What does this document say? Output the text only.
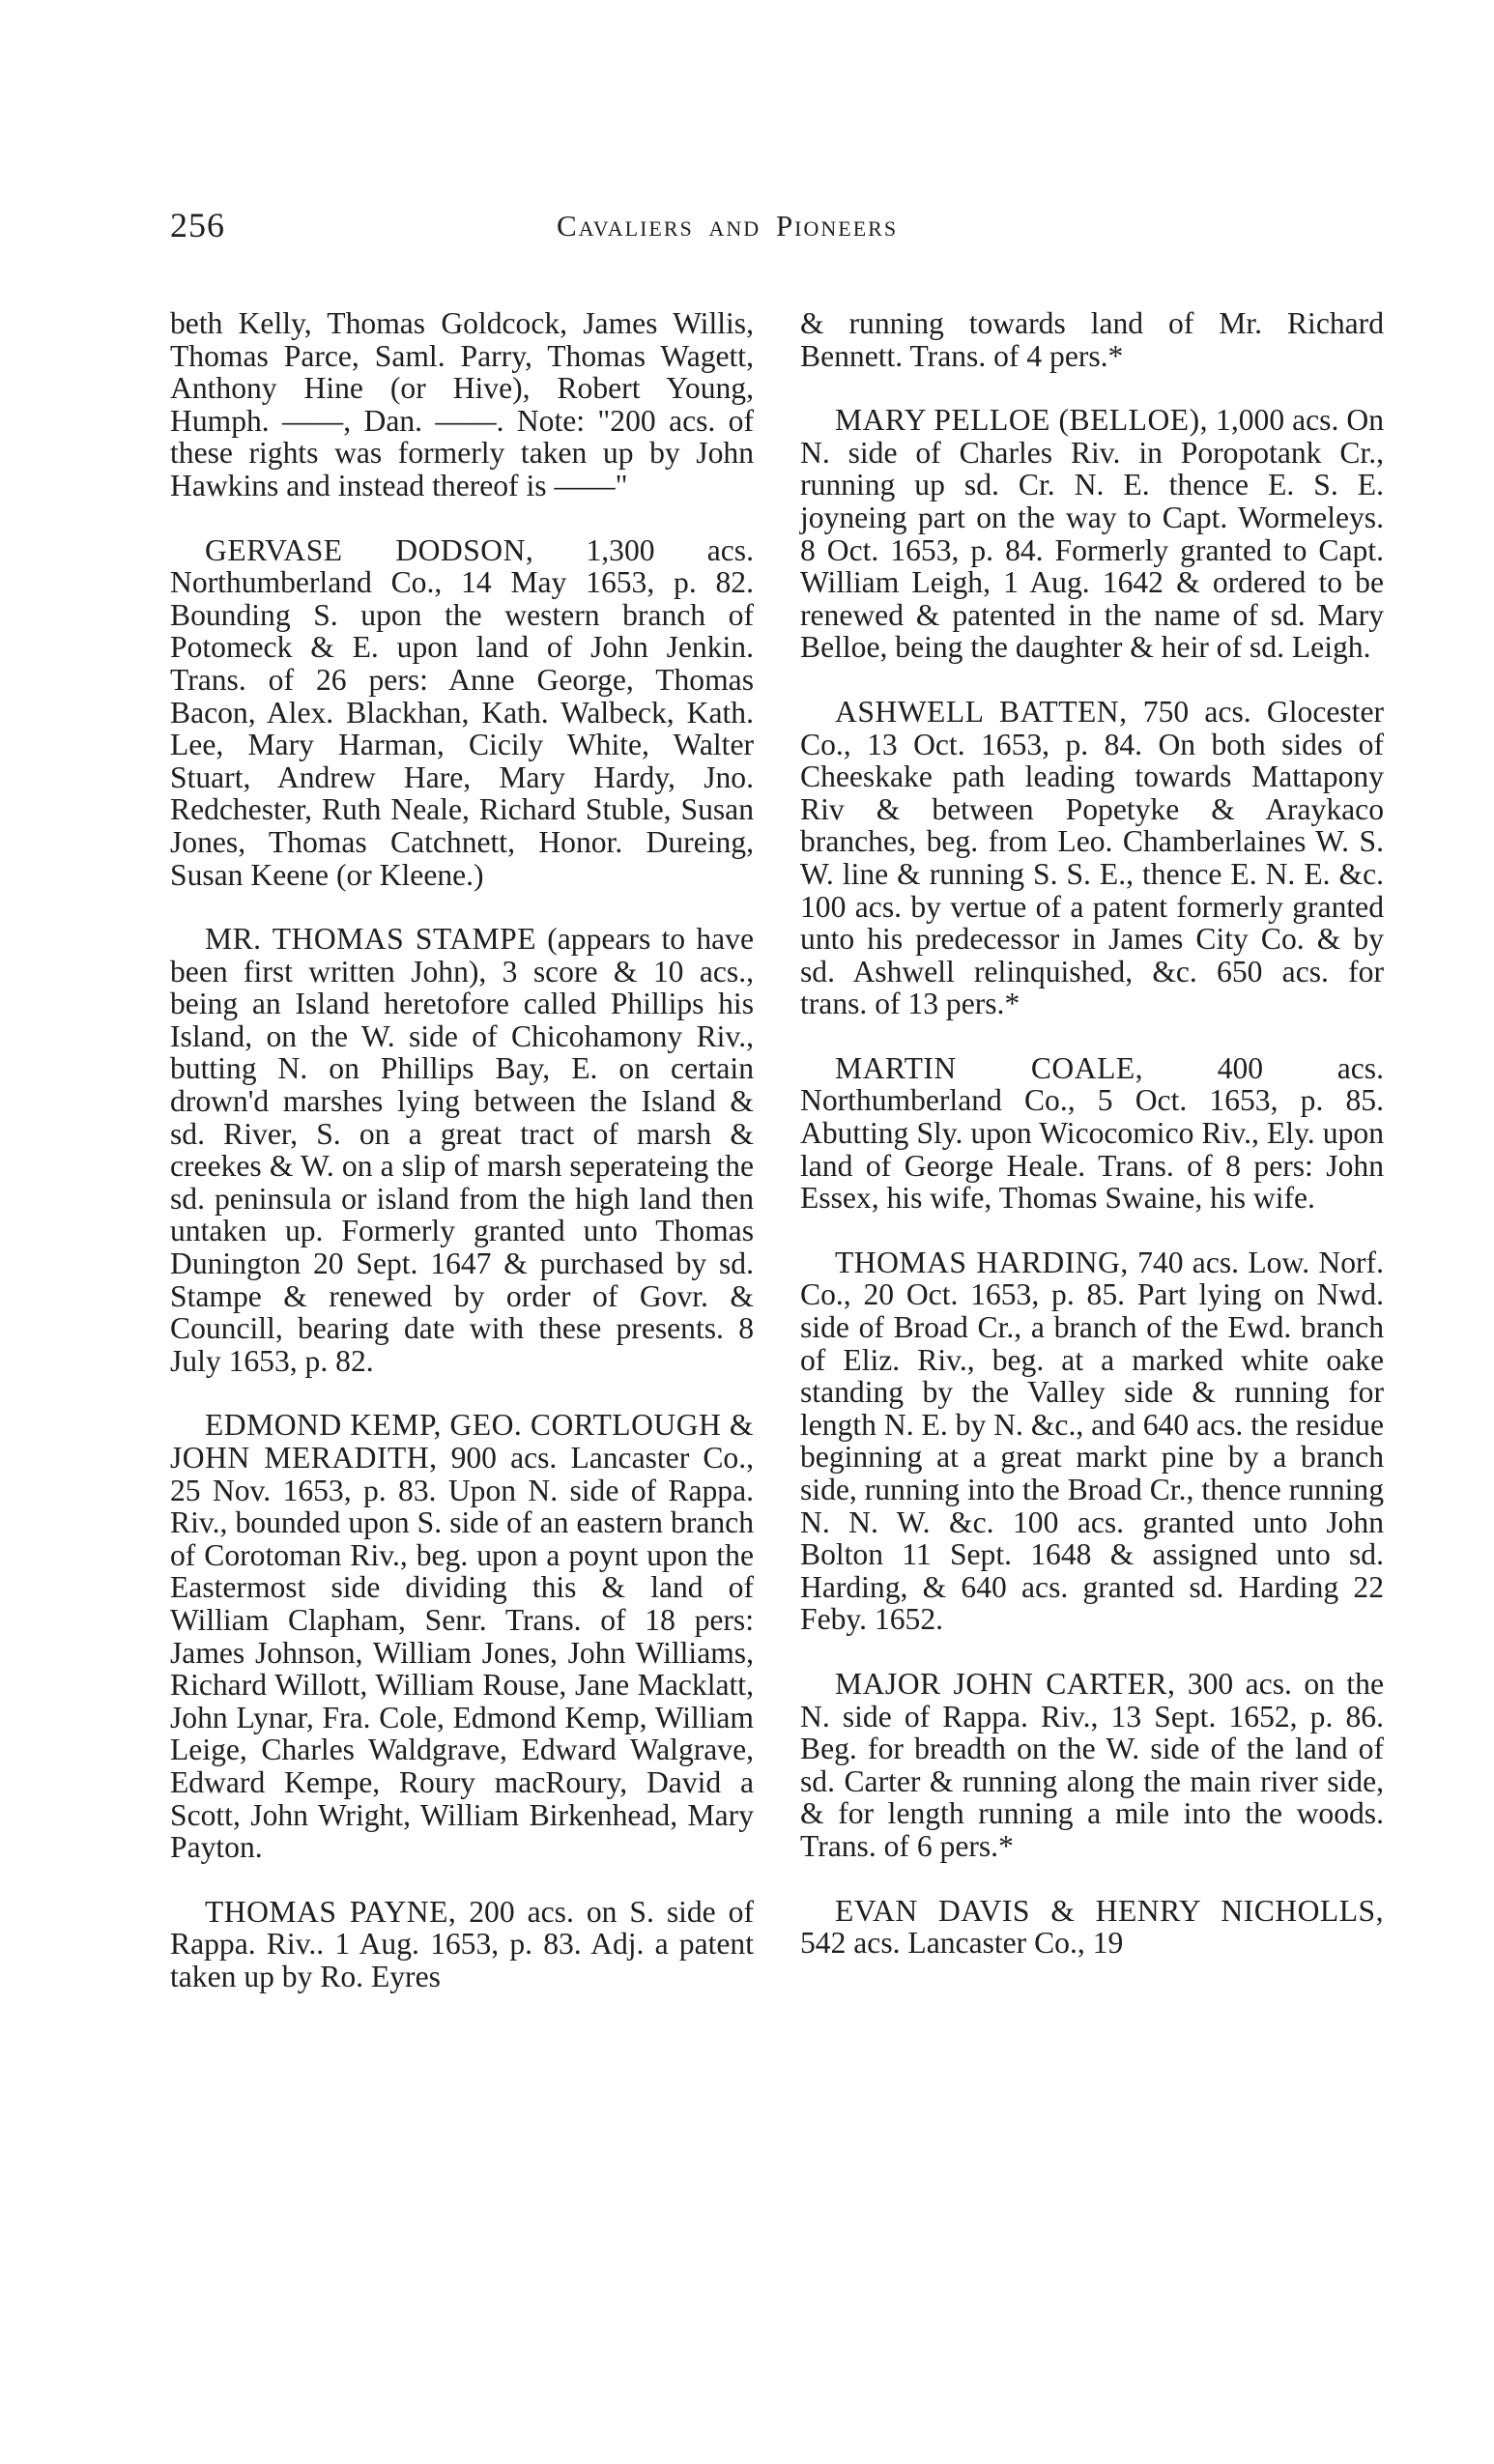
256	Cavaliers and Pioneers

beth Kelly, Thomas Goldcock, James Willis, Thomas Parce, Saml. Parry, Thomas Wagett, Anthony Hine (or Hive), Robert Young, Humph. ——, Dan. ——. Note: "200 acs. of these rights was formerly taken up by John Hawkins and instead thereof is ——"

GERVASE DODSON, 1,300 acs. Northumberland Co., 14 May 1653, p. 82. Bounding S. upon the western branch of Potomeck & E. upon land of John Jenkin. Trans. of 26 pers: Anne George, Thomas Bacon, Alex. Blackhan, Kath. Walbeck, Kath. Lee, Mary Harman, Cicily White, Walter Stuart, Andrew Hare, Mary Hardy, Jno. Redchester, Ruth Neale, Richard Stuble, Susan Jones, Thomas Catchnett, Honor. Dureing, Susan Keene (or Kleene.)

MR. THOMAS STAMPE (appears to have been first written John), 3 score & 10 acs., being an Island heretofore called Phillips his Island, on the W. side of Chicohamony Riv., butting N. on Phillips Bay, E. on certain drown'd marshes lying between the Island & sd. River, S. on a great tract of marsh & creekes & W. on a slip of marsh seperateing the sd. peninsula or island from the high land then untaken up. Formerly granted unto Thomas Dunington 20 Sept. 1647 & purchased by sd. Stampe & renewed by order of Govr. & Councill, bearing date with these presents. 8 July 1653, p. 82.

EDMOND KEMP, GEO. CORTLOUGH & JOHN MERADITH, 900 acs. Lancaster Co., 25 Nov. 1653, p. 83. Upon N. side of Rappa. Riv., bounded upon S. side of an eastern branch of Corotoman Riv., beg. upon a poynt upon the Eastermost side dividing this & land of William Clapham, Senr. Trans. of 18 pers: James Johnson, William Jones, John Williams, Richard Willott, William Rouse, Jane Macklatt, John Lynar, Fra. Cole, Edmond Kemp, William Leige, Charles Waldgrave, Edward Walgrave, Edward Kempe, Roury macRoury, David a Scott, John Wright, William Birkenhead, Mary Payton.

THOMAS PAYNE, 200 acs. on S. side of Rappa. Riv.. 1 Aug. 1653, p. 83. Adj. a patent taken up by Ro. Eyres

& running towards land of Mr. Richard Bennett. Trans. of 4 pers.*

MARY PELLOE (BELLOE), 1,000 acs. On N. side of Charles Riv. in Poropotank Cr., running up sd. Cr. N. E. thence E. S. E. joyneing part on the way to Capt. Wormeleys. 8 Oct. 1653, p. 84. Formerly granted to Capt. William Leigh, 1 Aug. 1642 & ordered to be renewed & patented in the name of sd. Mary Belloe, being the daughter & heir of sd. Leigh.

ASHWELL BATTEN, 750 acs. Glocester Co., 13 Oct. 1653, p. 84. On both sides of Cheeskake path leading towards Mattapony Riv & between Popetyke & Araykaco branches, beg. from Leo. Chamberlaines W. S. W. line & running S. S. E., thence E. N. E. &c. 100 acs. by vertue of a patent formerly granted unto his predecessor in James City Co. & by sd. Ashwell relinquished, &c. 650 acs. for trans. of 13 pers.*

MARTIN COALE, 400 acs. Northumberland Co., 5 Oct. 1653, p. 85. Abutting Sly. upon Wicocomico Riv., Ely. upon land of George Heale. Trans. of 8 pers: John Essex, his wife, Thomas Swaine, his wife.

THOMAS HARDING, 740 acs. Low. Norf. Co., 20 Oct. 1653, p. 85. Part lying on Nwd. side of Broad Cr., a branch of the Ewd. branch of Eliz. Riv., beg. at a marked white oake standing by the Valley side & running for length N. E. by N. &c., and 640 acs. the residue beginning at a great markt pine by a branch side, running into the Broad Cr., thence running N. N. W. &c. 100 acs. granted unto John Bolton 11 Sept. 1648 & assigned unto sd. Harding, & 640 acs. granted sd. Harding 22 Feby. 1652.

MAJOR JOHN CARTER, 300 acs. on the N. side of Rappa. Riv., 13 Sept. 1652, p. 86. Beg. for breadth on the W. side of the land of sd. Carter & running along the main river side, & for length running a mile into the woods. Trans. of 6 pers.*

EVAN DAVIS & HENRY NICHOLLS, 542 acs. Lancaster Co., 19
